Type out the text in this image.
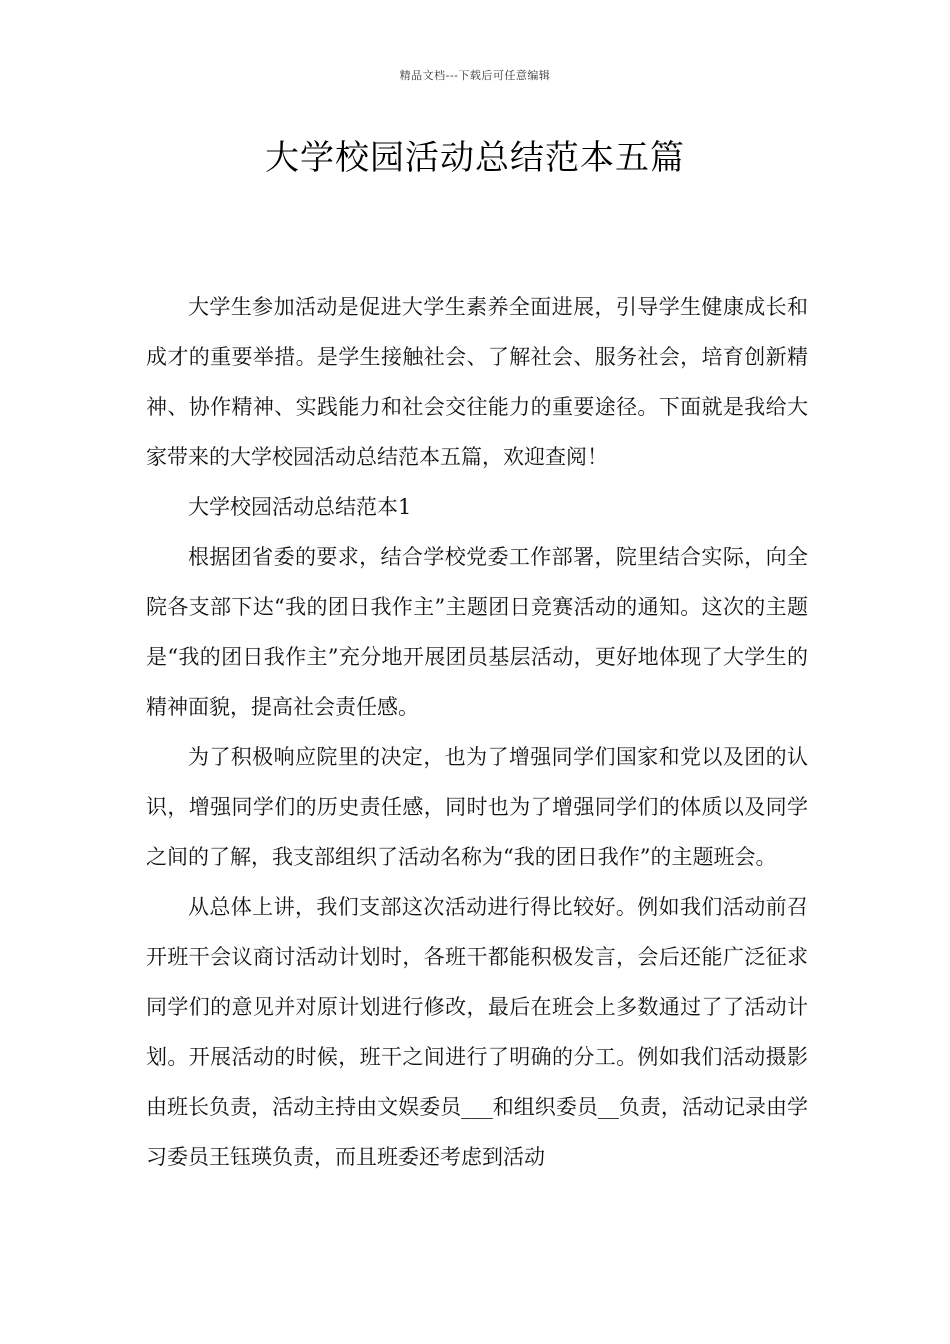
精品文档---下载后可任意编辑
大学校园活动总结范本五篇

大学生参加活动是促进大学生素养全面进展，引导学生健康成长和成才的重要举措。是学生接触社会、了解社会、服务社会，培育创新精神、协作精神、实践能力和社会交往能力的重要途径。下面就是我给大家带来的大学校园活动总结范本五篇，欢迎查阅！

大学校园活动总结范本1

根据团省委的要求，结合学校党委工作部署，院里结合实际，向全院各支部下达“我的团日我作主”主题团日竞赛活动的通知。这次的主题是“我的团日我作主”充分地开展团员基层活动，更好地体现了大学生的精神面貌，提高社会责任感。

为了积极响应院里的决定，也为了增强同学们国家和党以及团的认识，增强同学们的历史责任感，同时也为了增强同学们的体质以及同学之间的了解，我支部组织了活动名称为“我的团日我作”的主题班会。

从总体上讲，我们支部这次活动进行得比较好。例如我们活动前召开班干会议商讨活动计划时，各班干都能积极发言，会后还能广泛征求同学们的意见并对原计划进行修改，最后在班会上多数通过了了活动计划。开展活动的时候，班干之间进行了明确的分工。例如我们活动摄影由班长负责，活动主持由文娱委员___和组织委员__负责，活动记录由学习委员王钰瑛负责，而且班委还考虑到活动
